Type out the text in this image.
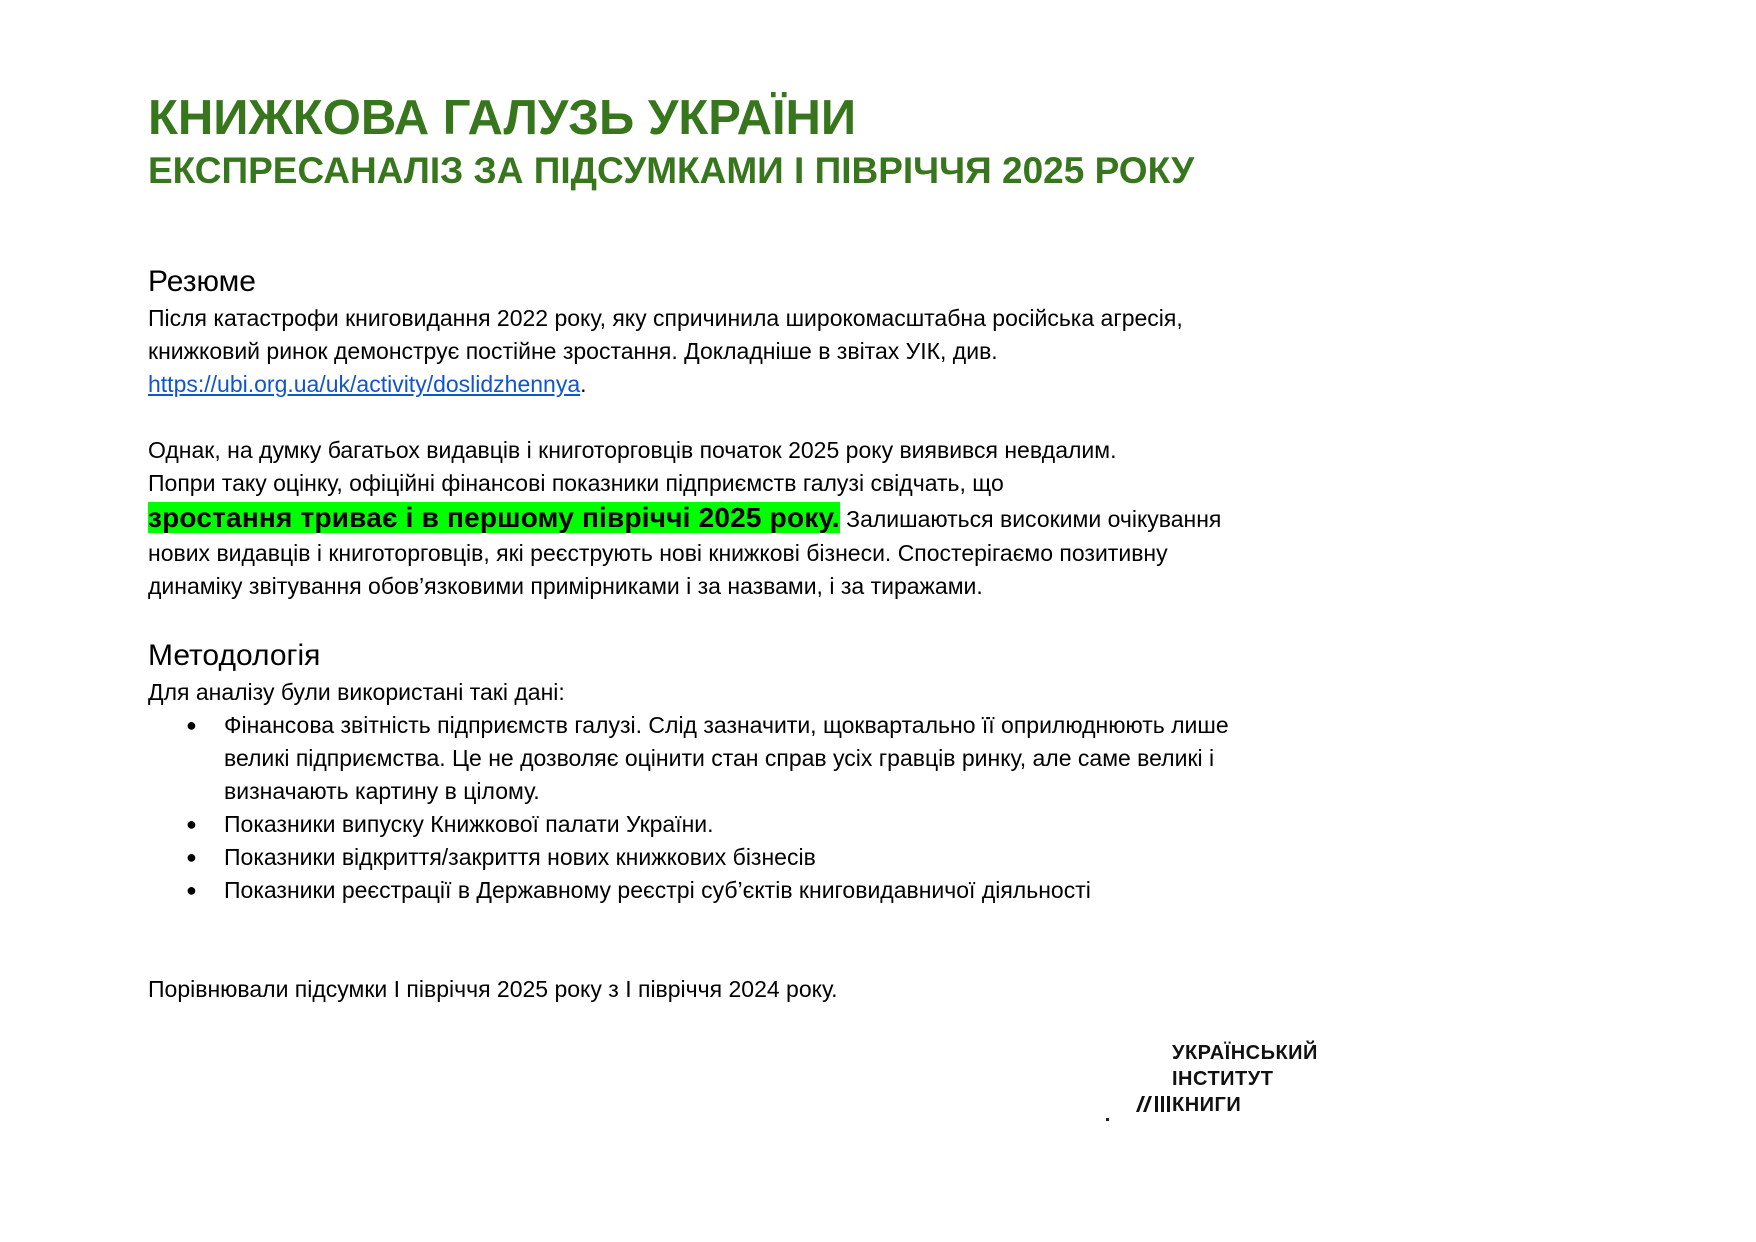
КНИЖКОВА ГАЛУЗЬ УКРАЇНИ
ЕКСПРЕСАНАЛІЗ ЗА ПІДСУМКАМИ І ПІВРІЧЧЯ 2025 РОКУ
Резюме

Після катастрофи книговидання 2022 року, яку спричинила широкомасштабна російська агресія,
книжковий ринок демонструє постійне зростання. Докладніше в звітах УІК, див.
https://ubi.org.ua/uk/activity/doslidzhennya.

Однак, на думку багатьох видавців і книготорговців початок 2025 року виявився невдалим.
Попри таку оцінку, офіційні фінансові показники підприємств галузі свідчать, що
зростання триває і в першому півріччі 2025 року. Залишаються високими очікування
нових видавців і книготорговців, які реєструють нові книжкові бізнеси. Спостерігаємо позитивну
динаміку звітування обов’язковими примірниками і за назвами, і за тиражами.

Методологія

Для аналізу були використані такі дані:

● Фінансова звітність підприємств галузі. Слід зазначити, щоквартально її оприлюднюють лише
великі підприємства. Це не дозволяє оцінити стан справ усіх гравців ринку, але саме великі і
визначають картину в цілому.
● Показники випуску Книжкової палати України.
● Показники відкриття/закриття нових книжкових бізнесів
● Показники реєстрації в Державному реєстрі суб’єктів книговидавничої діяльності

Порівнювали підсумки І півріччя 2025 року з І півріччя 2024 року.

УКРАЇНСЬКИЙ
ІНСТИТУТ
КНИГИ
